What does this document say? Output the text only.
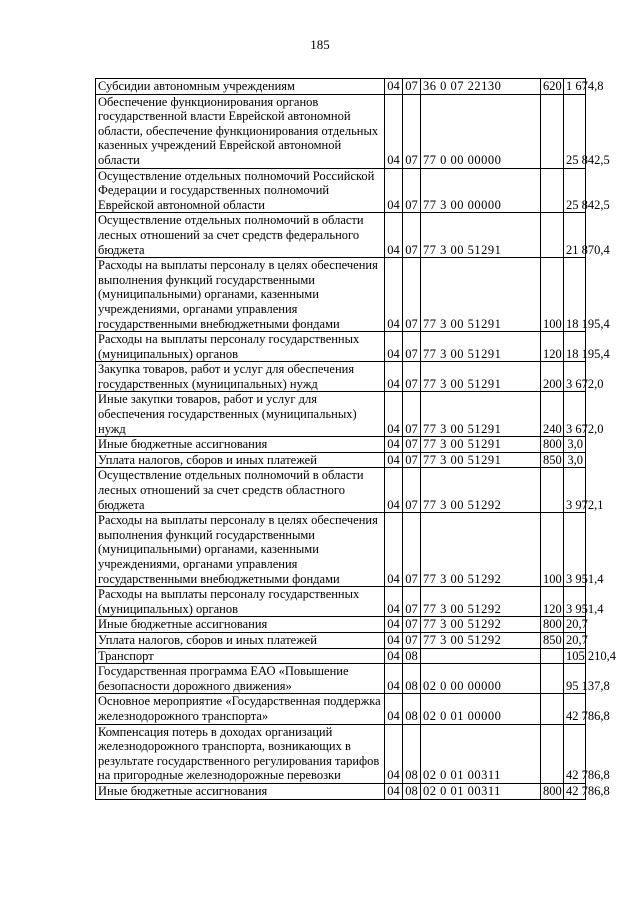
185
Субсидии автономным учреждениям	04	07	36 0 07 22130	620	1 674,8
Обеспечение функционирования органов государственной власти Еврейской автономной области, обеспечение функционирования отдельных казенных учреждений Еврейской автономной области	04	07	77 0 00 00000		25 842,5
Осуществление отдельных полномочий Российской Федерации и государственных полномочий Еврейской автономной области	04	07	77 3 00 00000		25 842,5
Осуществление отдельных полномочий в области лесных отношений за счет средств федерального бюджета	04	07	77 3 00 51291		21 870,4
Расходы на выплаты персоналу в целях обеспечения выполнения функций государственными (муниципальными) органами, казенными учреждениями, органами управления государственными внебюджетными фондами	04	07	77 3 00 51291	100	18 195,4
Расходы на выплаты персоналу государственных (муниципальных) органов	04	07	77 3 00 51291	120	18 195,4
Закупка товаров, работ и услуг для обеспечения государственных (муниципальных) нужд	04	07	77 3 00 51291	200	3 672,0
Иные закупки товаров, работ и услуг для обеспечения государственных (муниципальных) нужд	04	07	77 3 00 51291	240	3 672,0
Иные бюджетные ассигнования	04	07	77 3 00 51291	800	3,0
Уплата налогов, сборов и иных платежей	04	07	77 3 00 51291	850	3,0
Осуществление отдельных полномочий в области лесных отношений за счет средств областного бюджета	04	07	77 3 00 51292		3 972,1
Расходы на выплаты персоналу в целях обеспечения выполнения функций государственными (муниципальными) органами, казенными учреждениями, органами управления государственными внебюджетными фондами	04	07	77 3 00 51292	100	3 951,4
Расходы на выплаты персоналу государственных (муниципальных) органов	04	07	77 3 00 51292	120	3 951,4
Иные бюджетные ассигнования	04	07	77 3 00 51292	800	20,7
Уплата налогов, сборов и иных платежей	04	07	77 3 00 51292	850	20,7
Транспорт	04	08			105 210,4
Государственная программа ЕАО «Повышение безопасности дорожного движения»	04	08	02 0 00 00000		95 137,8
Основное мероприятие «Государственная поддержка железнодорожного транспорта»	04	08	02 0 01 00000		42 786,8
Компенсация потерь в доходах организаций железнодорожного транспорта, возникающих в результате государственного регулирования тарифов на пригородные железнодорожные перевозки	04	08	02 0 01 00311		42 786,8
Иные бюджетные ассигнования	04	08	02 0 01 00311	800	42 786,8
